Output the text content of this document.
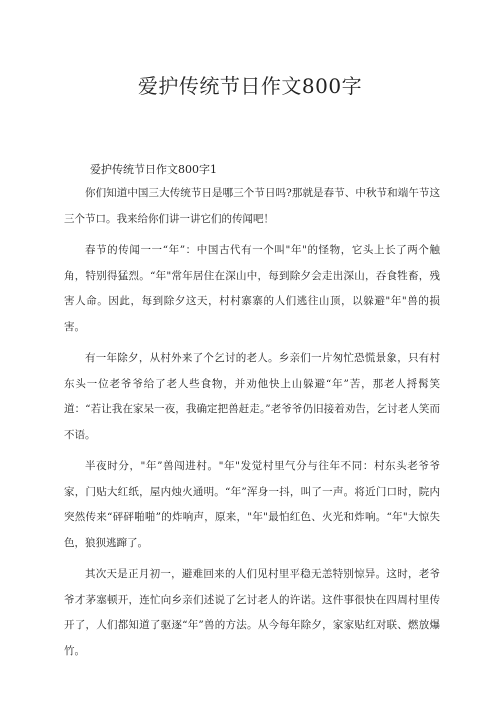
爱护传统节日作文800字
爱护传统节日作文800字1

你们知道中国三大传统节日是哪三个节日吗?那就是春节、中秋节和端午节这三个节口。我来给你们讲一讲它们的传闻吧！

春节的传闻一一“年”：中国古代有一个叫"年"的怪物，它头上长了两个触角，特别得猛烈。“年"常年居住在深山中，每到除夕会走出深山，吞食牲畜，残害人命。因此，每到除夕这天，村村寨寨的人们逃往山顶，以躲避"年"兽的损害。

有一年除夕，从村外来了个乞讨的老人。乡亲们一片匆忙恐慌景象，只有村东头一位老爷爷给了老人些食物，并劝他快上山躲避“年”苦，那老人捋髯笑道：“若让我在家呆一夜，我确定把兽赶走。”老爷爷仍旧接着劝告，乞讨老人笑而不语。

半夜时分，"年”兽闯进村。"年"发觉村里气分与往年不同：村东头老爷爷家，门贴大红纸，屋内烛火通明。“年”浑身一抖，叫了一声。将近门口时，院内突然传来“砰砰啪啪”的炸响声，原来，"年"最怕红色、火光和炸响。“年"大惊失色，狼狈逃蹿了。

其次天是正月初一，避难回来的人们见村里平稳无恙特别惊异。这时，老爷爷才茅塞顿开，连忙向乡亲们述说了乞讨老人的许诺。这件事很快在四周村里传开了，人们都知道了驱逐“年”兽的方法。从今每年除夕，家家贴红对联、燃放爆竹。
